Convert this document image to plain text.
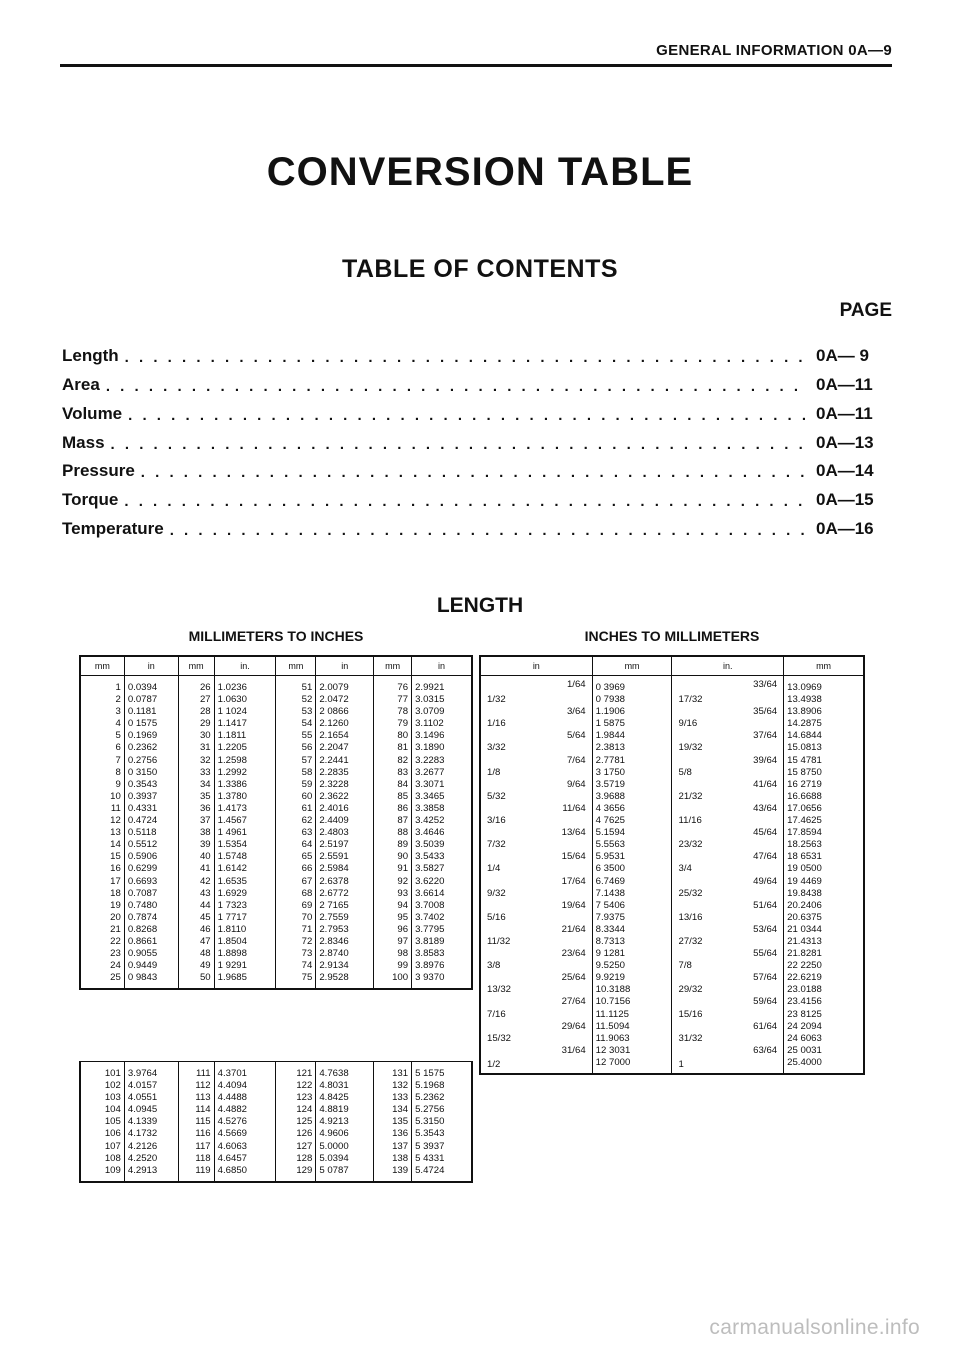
GENERAL INFORMATION 0A—9
CONVERSION TABLE
TABLE OF CONTENTS
PAGE
Length . . .	0A— 9
Area . . .	0A—11
Volume . . .	0A—11
Mass . . .	0A—13
Pressure . . .	0A—14
Torque . . .	0A—15
Temperature . . .	0A—16
LENGTH
MILLIMETERS TO INCHES	INCHES TO MILLIMETERS
mm	in	mm	in.	mm	in	mm	in
1	0.0394	26	1.0236	51	2.0079	76	2.9921
2	0.0787	27	1.0630	52	2.0472	77	3.0315
3	0.1181	28	1 1024	53	2 0866	78	3.0709
4	0 1575	29	1.1417	54	2.1260	79	3.1102
5	0.1969	30	1.1811	55	2.1654	80	3.1496
6	0.2362	31	1.2205	56	2.2047	81	3.1890
7	0.2756	32	1.2598	57	2.2441	82	3.2283
8	0 3150	33	1.2992	58	2.2835	83	3.2677
9	0.3543	34	1.3386	59	2.3228	84	3.3071
10	0.3937	35	1.3780	60	2.3622	85	3.3465
11	0.4331	36	1.4173	61	2.4016	86	3.3858
12	0.4724	37	1.4567	62	2.4409	87	3.4252
13	0.5118	38	1 4961	63	2.4803	88	3.4646
14	0.5512	39	1.5354	64	2.5197	89	3.5039
15	0.5906	40	1.5748	65	2.5591	90	3.5433
16	0.6299	41	1.6142	66	2.5984	91	3.5827
17	0.6693	42	1.6535	67	2.6378	92	3.6220
18	0.7087	43	1.6929	68	2.6772	93	3.6614
19	0.7480	44	1 7323	69	2 7165	94	3.7008
20	0.7874	45	1 7717	70	2.7559	95	3.7402
21	0.8268	46	1.8110	71	2.7953	96	3.7795
22	0.8661	47	1.8504	72	2.8346	97	3.8189
23	0.9055	48	1.8898	73	2.8740	98	3.8583
24	0.9449	49	1 9291	74	2.9134	99	3.8976
25	0 9843	50	1.9685	75	2.9528	100	3 9370
101	3.9764	111	4.3701	121	4.7638	131	5 1575
102	4.0157	112	4.4094	122	4.8031	132	5.1968
103	4.0551	113	4.4488	123	4.8425	133	5.2362
104	4.0945	114	4.4882	124	4.8819	134	5.2756
105	4.1339	115	4.5276	125	4.9213	135	5.3150
106	4.1732	116	4.5669	126	4.9606	136	5.3543
107	4.2126	117	4.6063	127	5.0000	137	5 3937
108	4.2520	118	4.6457	128	5.0394	138	5 4331
109	4.2913	119	4.6850	129	5 0787	139	5.4724
in	mm	in.	mm

1/64	0 3969	33/64	13.0969

1/32	0 7938	17/32	13.4938

3/64	1.1906	35/64	13.8906

1/16	1 5875	9/16	14.2875

5/64	1.9844	37/64	14.6844

3/32	2.3813	19/32	15.0813

7/64	2.7781	39/64	15 4781

1/8	3 1750	5/8	15 8750

9/64	3.5719	41/64	16 2719

5/32	3.9688	21/32	16.6688

11/64	4 3656	43/64	17.0656

3/16	4 7625	11/16	17.4625

13/64	5.1594	45/64	17.8594

7/32	5.5563	23/32	18.2563

15/64	5.9531	47/64	18 6531

1/4	6 3500	3/4	19 0500

17/64	6.7469	49/64	19 4469

9/32	7.1438	25/32	19.8438

19/64	7 5406	51/64	20.2406

5/16	7.9375	13/16	20.6375

21/64	8.3344	53/64	21 0344

11/32	8.7313	27/32	21.4313

23/64	9 1281	55/64	21.8281

3/8	9.5250	7/8	22 2250

25/64	9.9219	57/64	22.6219

13/32	10.3188	29/32	23.0188

27/64	10.7156	59/64	23.4156

7/16	11.1125	15/16	23 8125

29/64	11.5094	61/64	24 2094

15/32	11.9063	31/32	24 6063

31/64	12 3031	63/64	25 0031

1/2	12 7000	1	25.4000
carmanualsonline.info
